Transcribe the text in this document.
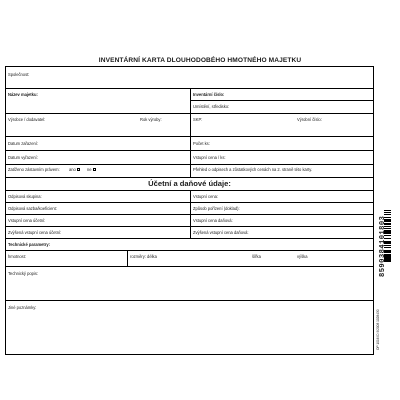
INVENTÁRNÍ KARTA DLOUHODOBÉHO HMOTNÉHO MAJETKU
Společnost:
Název majetku:	Inventární číslo:
Umístění, středisko:
Výrobce / dodavatel:	Rok výroby:	SKP:	Výrobní číslo:
Datum zařazení:	Počet ks:
Datum vyřazení:	Vstupní cena / ks:
Zatíženo zástavním právem: ano	ne	Přehled o odpisech a zůstatkových cenách na 2. straně této karty.
Účetní a daňové údaje:
Odpisová skupina:	Vstupní cena:
Odpisová sazba/koeficient:	Způsob pořízení (doklad):
Vstupní cena účetní:	Vstupní cena daňová:
Zvýšená vstupní cena účetní:	Zvýšená vstupní cena daňová:
Technické parametry:
hmotnost:	rozměry: délka	šířka	výška
Technický popis:
Jiné poznámky:
8590384101803
OP 1016 ID 9/2008 1028430
